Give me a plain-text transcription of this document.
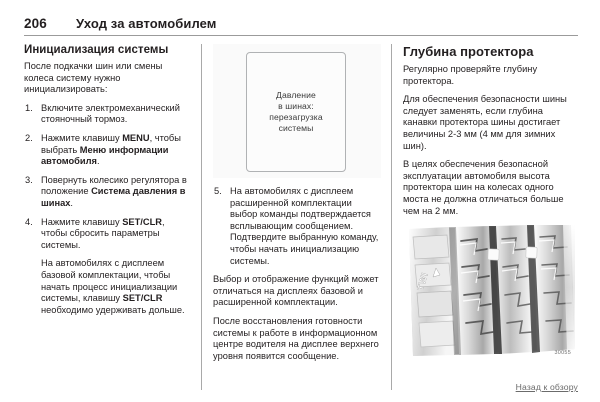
206	Уход за автомобилем
Инициализация системы

После подкачки шин или смены колеса систему нужно инициализировать:

1. Включите электромеханический стояночный тормоз.
2. Нажмите клавишу MENU, чтобы выбрать Меню информации автомобиля.
3. Повернуть колесико регулятора в положение Система давления в шинах.
4. Нажмите клавишу SET/CLR, чтобы сбросить параметры системы.

На автомобилях с дисплеем базовой комплектации, чтобы начать процесс инициализации системы, клавишу SET/CLR необходимо удерживать дольше.

Давление
в шинах:
перезагрузка
системы
5. На автомобилях с дисплеем расширенной комплектации выбор команды подтверждается всплывающим сообщением. Подтвердите выбранную команду, чтобы начать инициализацию системы.

Выбор и отображение функций может отличаться на дисплеях базовой и расширенной комплектации.

После восстановления готовности системы к работе в информационном центре водителя на дисплее верхнего уровня появится сообщение.

Глубина протектора

Регулярно проверяйте глубину протектора.

Для обеспечения безопасности шины следует заменять, если глубина канавки протектора шины достигает величины 2-3 мм (4 мм для зимних шин).

В целях обеспечения безопасной эксплуатации автомобиля высота протектора шин на колесах одного моста не должна отличаться больше чем на 2 мм.

TWI
30055
Назад к обзору
